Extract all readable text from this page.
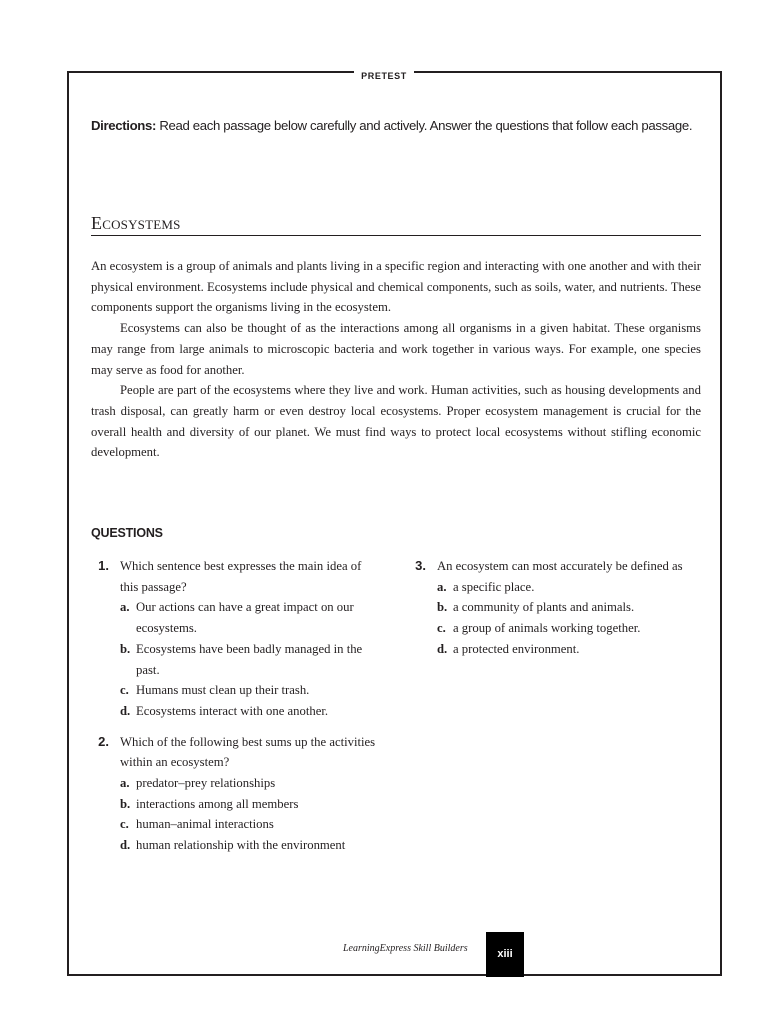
PRETEST
Directions: Read each passage below carefully and actively. Answer the questions that follow each passage.
Ecosystems

An ecosystem is a group of animals and plants living in a specific region and interacting with one another and with their physical environment. Ecosystems include physical and chemical components, such as soils, water, and nutrients. These components support the organisms living in the ecosystem.

Ecosystems can also be thought of as the interactions among all organisms in a given habitat. These organisms may range from large animals to microscopic bacteria and work together in various ways. For example, one species may serve as food for another.

People are part of the ecosystems where they live and work. Human activities, such as housing developments and trash disposal, can greatly harm or even destroy local ecosystems. Proper ecosystem management is crucial for the overall health and diversity of our planet. We must find ways to protect local ecosystems without stifling economic development.

QUESTIONS
1. Which sentence best expresses the main idea of this passage?
a. Our actions can have a great impact on our ecosystems.
b. Ecosystems have been badly managed in the past.
c. Humans must clean up their trash.
d. Ecosystems interact with one another.
2. Which of the following best sums up the activities within an ecosystem?
a. predator–prey relationships
b. interactions among all members
c. human–animal interactions
d. human relationship with the environment
3. An ecosystem can most accurately be defined as
a. a specific place.
b. a community of plants and animals.
c. a group of animals working together.
d. a protected environment.
LearningExpress Skill Builders	xiii
